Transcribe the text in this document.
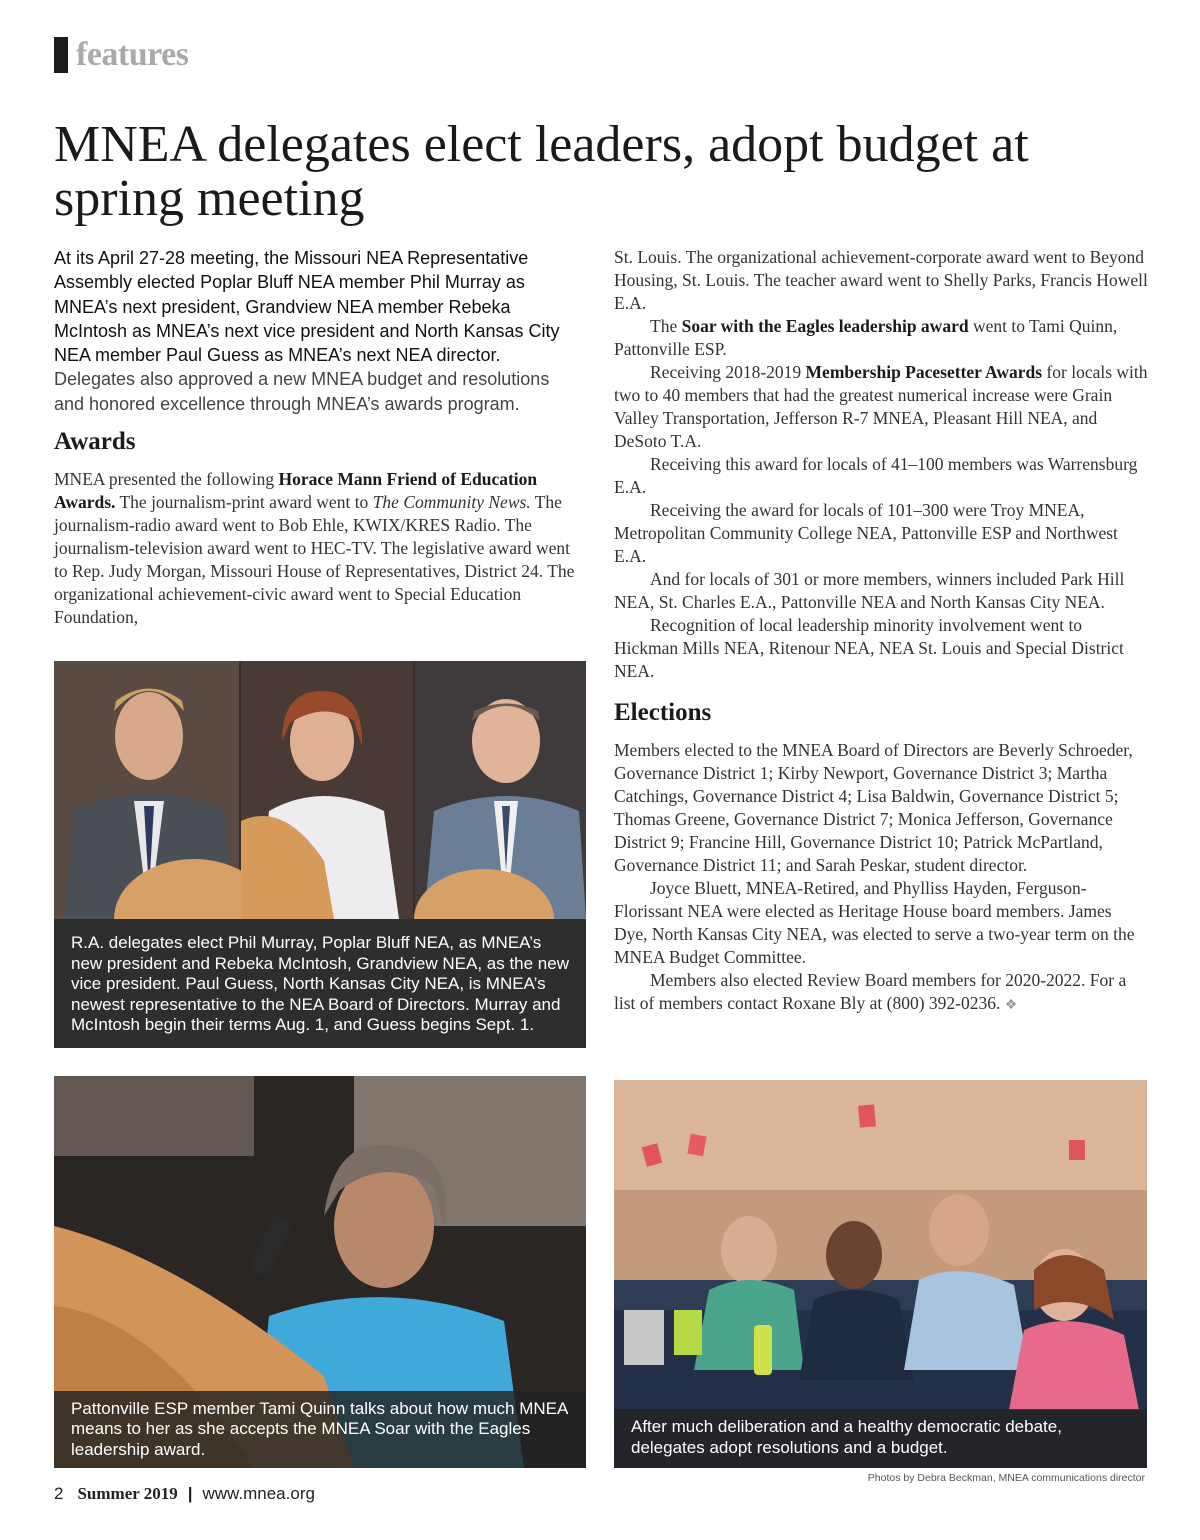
features
MNEA delegates elect leaders, adopt budget at spring meeting

At its April 27-28 meeting, the Missouri NEA Representative Assembly elected Poplar Bluff NEA member Phil Murray as MNEA’s next president, Grandview NEA member Rebeka McIntosh as MNEA’s next vice president and North Kansas City NEA member Paul Guess as MNEA’s next NEA director. Delegates also approved a new MNEA budget and resolutions and honored excellence through MNEA’s awards program.

Awards

MNEA presented the following Horace Mann Friend of Education Awards. The journalism-print award went to The Community News. The journalism-radio award went to Bob Ehle, KWIX/KRES Radio. The journalism-television award went to HEC-TV. The legislative award went to Rep. Judy Morgan, Missouri House of Representatives, District 24. The organizational achievement-civic award went to Special Education Foundation,

St. Louis. The organizational achievement-corporate award went to Beyond Housing, St. Louis. The teacher award went to Shelly Parks, Francis Howell E.A.

The Soar with the Eagles leadership award went to Tami Quinn, Pattonville ESP.

Receiving 2018-2019 Membership Pacesetter Awards for locals with two to 40 members that had the greatest numerical increase were Grain Valley Transportation, Jefferson R-7 MNEA, Pleasant Hill NEA, and DeSoto T.A.

Receiving this award for locals of 41–100 members was Warrensburg E.A.

Receiving the award for locals of 101–300 were Troy MNEA, Metropolitan Community College NEA, Pattonville ESP and Northwest E.A.

And for locals of 301 or more members, winners included Park Hill NEA, St. Charles E.A., Pattonville NEA and North Kansas City NEA.

Recognition of local leadership minority involvement went to Hickman Mills NEA, Ritenour NEA, NEA St. Louis and Special District NEA.

Elections

Members elected to the MNEA Board of Directors are Beverly Schroeder, Governance District 1; Kirby Newport, Governance District 3; Martha Catchings, Governance District 4; Lisa Baldwin, Governance District 5; Thomas Greene, Governance District 7; Monica Jefferson, Governance District 9; Francine Hill, Governance District 10; Patrick McPartland, Governance District 11; and Sarah Peskar, student director.

Joyce Bluett, MNEA-Retired, and Phylliss Hayden, Ferguson-Florissant NEA were elected as Heritage House board members. James Dye, North Kansas City NEA, was elected to serve a two-year term on the MNEA Budget Committee.

Members also elected Review Board members for 2020-2022. For a list of members contact Roxane Bly at (800) 392-0236. ❖

R.A. delegates elect Phil Murray, Poplar Bluff NEA, as MNEA’s new president and Rebeka McIntosh, Grandview NEA, as the new vice president. Paul Guess, North Kansas City NEA, is MNEA’s newest representative to the NEA Board of Directors. Murray and McIntosh begin their terms Aug. 1, and Guess begins Sept. 1.
Pattonville ESP member Tami Quinn talks about how much MNEA means to her as she accepts the MNEA Soar with the Eagles leadership award.
After much deliberation and a healthy democratic debate, delegates adopt resolutions and a budget.
Photos by Debra Beckman, MNEA communications director
2 Summer 2019 | www.mnea.org
